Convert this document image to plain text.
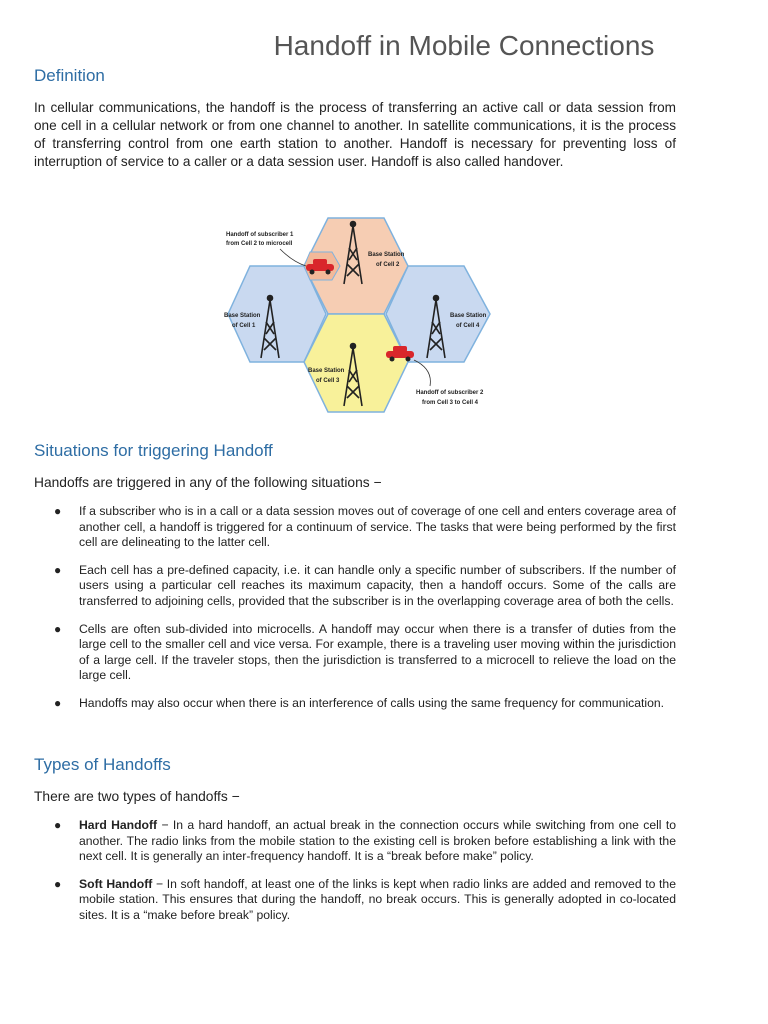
Handoff in Mobile Connections
Definition
In cellular communications, the handoff is the process of transferring an active call or data session from one cell in a cellular network or from one channel to another. In satellite communications, it is the process of transferring control from one earth station to another. Handoff is necessary for preventing loss of interruption of service to a caller or a data session user. Handoff is also called handover.
Handoff of subscriber 1
from Cell 2 to microcell
Base Station
of Cell 2
Base Station
of Cell 1
Base Station
of Cell 4
Base Station
of Cell 3
Handoff of subscriber 2
from Cell 3 to Cell 4
Situations for triggering Handoff
Handoffs are triggered in any of the following situations −
● If a subscriber who is in a call or a data session moves out of coverage of one cell and enters coverage area of another cell, a handoff is triggered for a continuum of service. The tasks that were being performed by the first cell are delineating to the latter cell.
● Each cell has a pre-defined capacity, i.e. it can handle only a specific number of subscribers. If the number of users using a particular cell reaches its maximum capacity, then a handoff occurs. Some of the calls are transferred to adjoining cells, provided that the subscriber is in the overlapping coverage area of both the cells.
● Cells are often sub-divided into microcells. A handoff may occur when there is a transfer of duties from the large cell to the smaller cell and vice versa. For example, there is a traveling user moving within the jurisdiction of a large cell. If the traveler stops, then the jurisdiction is transferred to a microcell to relieve the load on the large cell.
● Handoffs may also occur when there is an interference of calls using the same frequency for communication.
Types of Handoffs
There are two types of handoffs −
● Hard Handoff − In a hard handoff, an actual break in the connection occurs while switching from one cell to another. The radio links from the mobile station to the existing cell is broken before establishing a link with the next cell. It is generally an inter-frequency handoff. It is a “break before make” policy.
● Soft Handoff − In soft handoff, at least one of the links is kept when radio links are added and removed to the mobile station. This ensures that during the handoff, no break occurs. This is generally adopted in co-located sites. It is a “make before break” policy.
